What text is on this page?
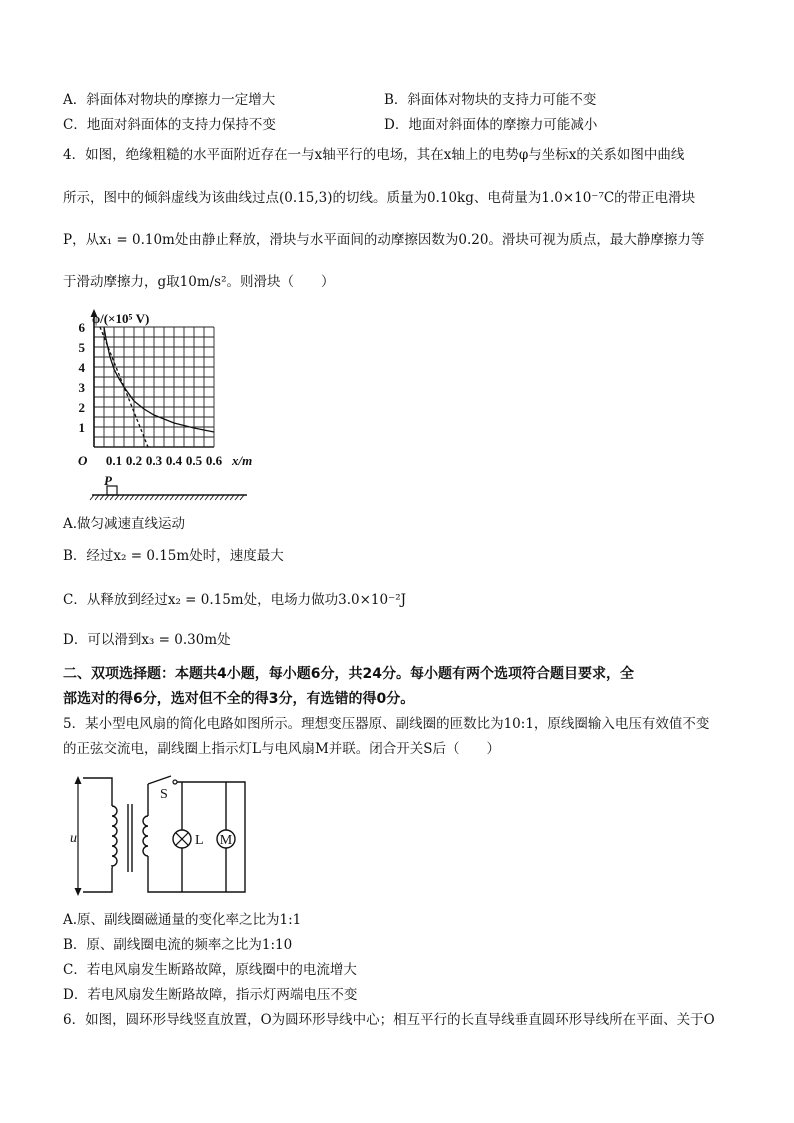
A．斜面体对物块的摩擦力一定增大	B．斜面体对物块的支持力可能不变
C．地面对斜面体的支持力保持不变	D．地面对斜面体的摩擦力可能减小
4．如图，绝缘粗糙的水平面附近存在一与x轴平行的电场，其在x轴上的电势φ与坐标x的关系如图中曲线
所示，图中的倾斜虚线为该曲线过点(0.15,3)的切线。质量为0.10kg、电荷量为1.0×10⁻⁷C的带正电滑块
P，从x₁ = 0.10m处由静止释放，滑块与水平面间的动摩擦因数为0.20。滑块可视为质点，最大静摩擦力等
于滑动摩擦力，g取10m/s²。则滑块（　　）
φ/(×10⁵ V)
O	x/m
1
2
3
4
5
6
0.1 0.2 0.3 0.4 0.5 0.6
P
A.做匀减速直线运动
B．经过x₂ = 0.15m处时，速度最大
C．从释放到经过x₂ = 0.15m处，电场力做功3.0×10⁻²J
D．可以滑到x₃ = 0.30m处
二、双项选择题：本题共4小题，每小题6分，共24分。每小题有两个选项符合题目要求，全
部选对的得6分，选对但不全的得3分，有选错的得0分。
5．某小型电风扇的简化电路如图所示。理想变压器原、副线圈的匝数比为10:1，原线圈输入电压有效值不变
的正弦交流电，副线圈上指示灯L与电风扇M并联。闭合开关S后（　　）
u
S
L M
A.原、副线圈磁通量的变化率之比为1:1
B．原、副线圈电流的频率之比为1:10
C．若电风扇发生断路故障，原线圈中的电流增大
D．若电风扇发生断路故障，指示灯两端电压不变
6．如图，圆环形导线竖直放置，O为圆环形导线中心；相互平行的长直导线垂直圆环形导线所在平面、关于O
